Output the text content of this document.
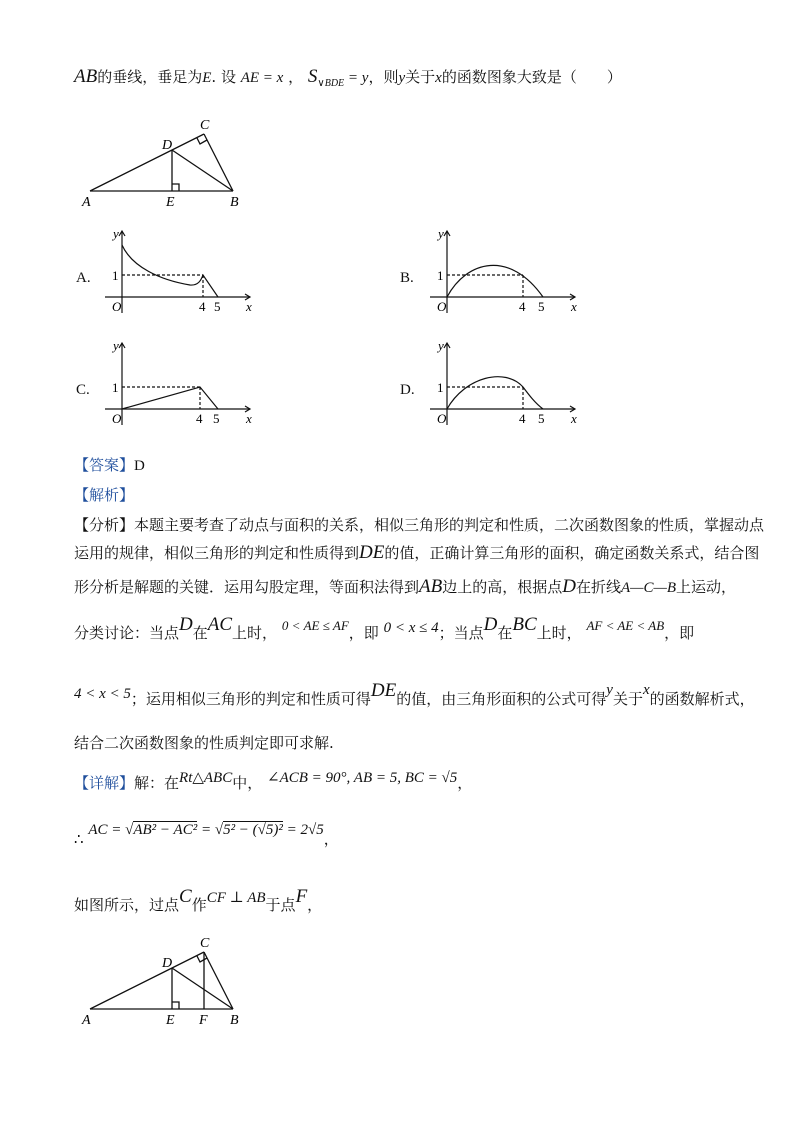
AB的垂线，垂足为E. 设 AE = x ， $S_{\vee BDE} = y$，则y关于x的函数图象大致是（　　）
A	E	B
C
D
A.
y
x
O
1
4 5
B.
y
x
O
1
4 5
C.
y
x
O
1
4 5
D.
y
x
O
1
4 5
【答案】D
【解析】
【分析】本题主要考查了动点与面积的关系，相似三角形的判定和性质，二次函数图象的性质，掌握动点
运用的规律，相似三角形的判定和性质得到DE的值，正确计算三角形的面积，确定函数关系式，结合图
形分析是解题的关键．运用勾股定理，等面积法得到AB边上的高，根据点D在折线A—C—B上运动，
分类讨论：当点D在AC上时， 0 < AE ≤ AF，即 0 < x ≤ 4；当点D在BC上时， AF < AE < AB，即
4 < x < 5；运用相似三角形的判定和性质可得DE的值，由三角形面积的公式可得y关于x的函数解析式，
结合二次函数图象的性质判定即可求解.
【详解】解：在Rt△ABC中， ∠ACB = 90°, AB = 5, BC = √5，
∴ AC = √AB² − AC² = √5² − (√5)² = 2√5，
如图所示，过点C作CF ⊥ AB于点F，
A	E F B
C
D
